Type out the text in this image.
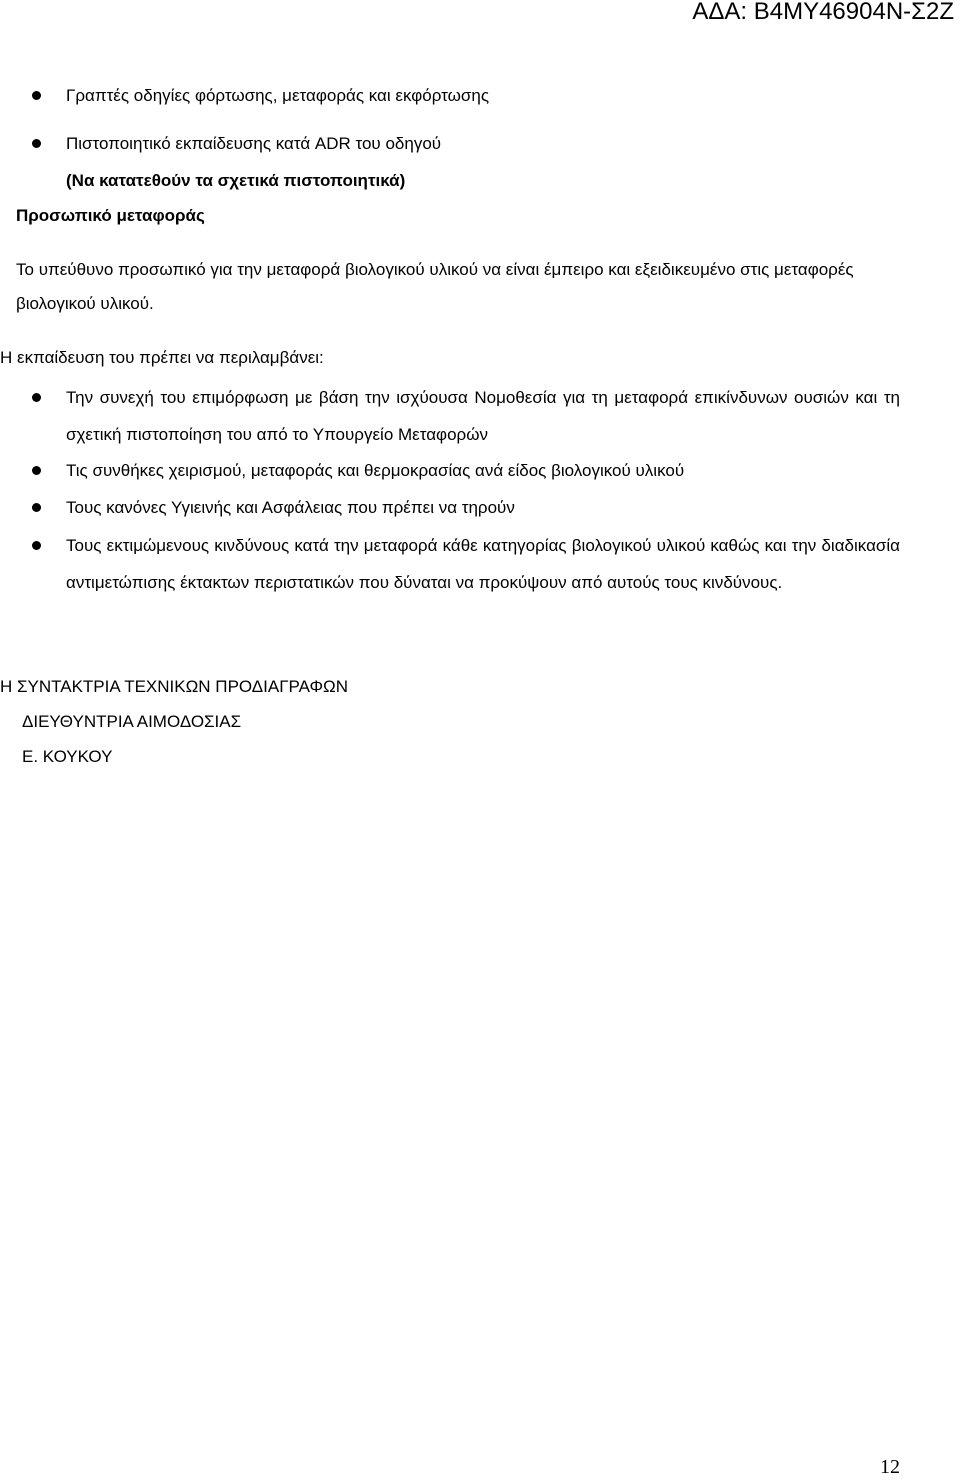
ΑΔΑ: Β4ΜΥ46904Ν-Σ2Ζ
Γραπτές οδηγίες φόρτωσης, μεταφοράς και εκφόρτωσης
Πιστοποιητικό εκπαίδευσης κατά ADR του οδηγού
(Να κατατεθούν τα σχετικά πιστοποιητικά)
Προσωπικό μεταφοράς
Το υπεύθυνο προσωπικό για την μεταφορά βιολογικού υλικού να είναι έμπειρο και εξειδικευμένο στις μεταφορές
βιολογικού υλικού.
Η εκπαίδευση του πρέπει να περιλαμβάνει:
Την συνεχή του επιμόρφωση με βάση την ισχύουσα Νομοθεσία για τη μεταφορά επικίνδυνων ουσιών και τη σχετική πιστοποίηση του από το Υπουργείο Μεταφορών
Τις συνθήκες χειρισμού, μεταφοράς και θερμοκρασίας ανά είδος βιολογικού υλικού
Τους κανόνες Υγιεινής και Ασφάλειας που πρέπει να τηρούν
Τους εκτιμώμενους κινδύνους κατά την μεταφορά κάθε κατηγορίας βιολογικού υλικού καθώς και την διαδικασία αντιμετώπισης έκτακτων περιστατικών που δύναται να προκύψουν από αυτούς τους κινδύνους.
Η ΣΥΝΤΑΚΤΡΙΑ ΤΕΧΝΙΚΩΝ ΠΡΟΔΙΑΓΡΑΦΩΝ
ΔΙΕΥΘΥΝΤΡΙΑ ΑΙΜΟΔΟΣΙΑΣ
Ε. ΚΟΥΚΟΥ
12
